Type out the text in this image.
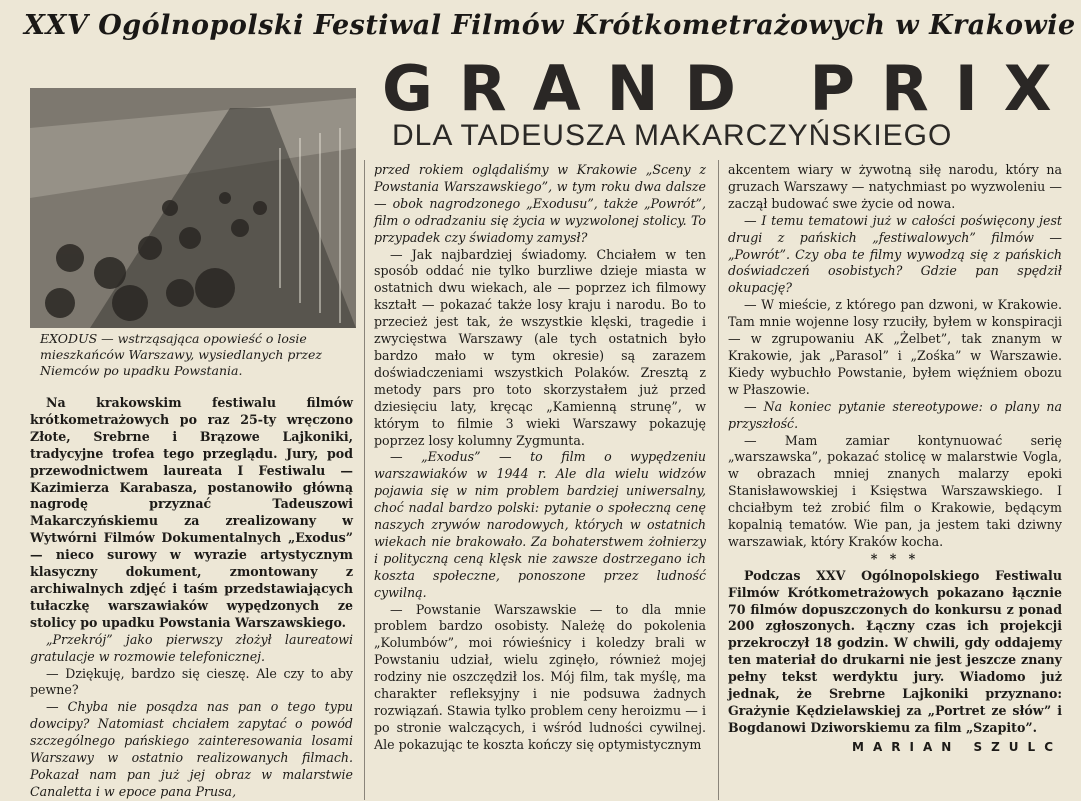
XXV Ogólnopolski Festiwal Filmów Krótkometrażowych w Krakowie
GRAND PRIX
DLA TADEUSZA MAKARCZYŃSKIEGO
EXODUS — wstrząsająca opowieść o losie mieszkańców Warszawy, wysiedlanych przez Niemców po upadku Powstania.

Na krakowskim festiwalu filmów krótkometrażowych po raz 25-ty wręczono Złote, Srebrne i Brązowe Lajkoniki, tradycyjne trofea tego przeglądu. Jury, pod przewodnictwem laureata I Festiwalu — Kazimierza Karabasza, postanowiło główną nagrodę przyznać Tadeuszowi Makarczyńskiemu za zrealizowany w Wytwórni Filmów Dokumentalnych „Exodus” — nieco surowy w wyrazie artystycznym klasyczny dokument, zmontowany z archiwalnych zdjęć i taśm przedstawiających tułaczkę warszawiaków wypędzonych ze stolicy po upadku Powstania Warszawskiego.

„Przekrój” jako pierwszy złożył laureatowi gratulacje w rozmowie telefonicznej.

— Dziękuję, bardzo się cieszę. Ale czy to aby pewne?

— Chyba nie posądza nas pan o tego typu dowcipy? Natomiast chciałem zapytać o powód szczególnego pańskiego zainteresowania losami Warszawy w ostatnio realizowanych filmach. Pokazał nam pan już jej obraz w malarstwie Canaletta i w epoce pana Prusa,

przed rokiem oglądaliśmy w Krakowie „Sceny z Powstania Warszawskiego”, w tym roku dwa dalsze — obok nagrodzonego „Exodusu”, także „Powrót”, film o odradzaniu się życia w wyzwolonej stolicy. To przypadek czy świadomy zamysł?

— Jak najbardziej świadomy. Chciałem w ten sposób oddać nie tylko burzliwe dzieje miasta w ostatnich dwu wiekach, ale — poprzez ich filmowy kształt — pokazać także losy kraju i narodu. Bo to przecież jest tak, że wszystkie klęski, tragedie i zwycięstwa Warszawy (ale tych ostatnich było bardzo mało w tym okresie) są zarazem doświadczeniami wszystkich Polaków. Zresztą z metody pars pro toto skorzystałem już przed dziesięciu laty, kręcąc „Kamienną strunę”, w którym to filmie 3 wieki Warszawy pokazuję poprzez losy kolumny Zygmunta.

— „Exodus” — to film o wypędzeniu warszawiaków w 1944 r. Ale dla wielu widzów pojawia się w nim problem bardziej uniwersalny, choć nadal bardzo polski: pytanie o społeczną cenę naszych zrywów narodowych, których w ostatnich wiekach nie brakowało. Za bohaterstwem żołnierzy i polityczną ceną klęsk nie zawsze dostrzegano ich koszta społeczne, ponoszone przez ludność cywilną.

— Powstanie Warszawskie — to dla mnie problem bardzo osobisty. Należę do pokolenia „Kolumbów”, moi rówieśnicy i koledzy brali w Powstaniu udział, wielu zginęło, również mojej rodziny nie oszczędził los. Mój film, tak myślę, ma charakter refleksyjny i nie podsuwa żadnych rozwiązań. Stawia tylko problem ceny heroizmu — i po stronie walczących, i wśród ludności cywilnej. Ale pokazując te koszta kończy się optymistycznym

akcentem wiary w żywotną siłę narodu, który na gruzach Warszawy — natychmiast po wyzwoleniu — zaczął budować swe życie od nowa.

— I temu tematowi już w całości poświęcony jest drugi z pańskich „festiwalowych” filmów — „Powrót”. Czy oba te filmy wywodzą się z pańskich doświadczeń osobistych? Gdzie pan spędził okupację?

— W mieście, z którego pan dzwoni, w Krakowie. Tam mnie wojenne losy rzuciły, byłem w konspiracji — w zgrupowaniu AK „Żelbet”, tak znanym w Krakowie, jak „Parasol” i „Zośka” w Warszawie. Kiedy wybuchło Powstanie, byłem więźniem obozu w Płaszowie.

— Na koniec pytanie stereotypowe: o plany na przyszłość.

— Mam zamiar kontynuować serię „warszawska”, pokazać stolicę w malarstwie Vogla, w obrazach mniej znanych malarzy epoki Stanisławowskiej i Księstwa Warszawskiego. I chciałbym też zrobić film o Krakowie, będącym kopalnią tematów. Wie pan, ja jestem taki dziwny warszawiak, który Kraków kocha.

* * *

Podczas XXV Ogólnopolskiego Festiwalu Filmów Krótkometrażowych pokazano łącznie 70 filmów dopuszczonych do konkursu z ponad 200 zgłoszonych. Łączny czas ich projekcji przekroczył 18 godzin. W chwili, gdy oddajemy ten materiał do drukarni nie jest jeszcze znany pełny tekst werdyktu jury. Wiadomo już jednak, że Srebrne Lajkoniki przyznano: Grażynie Kędzielawskiej za „Portret ze słów” i Bogdanowi Dziworskiemu za film „Szapito”.

MARIAN SZULC
